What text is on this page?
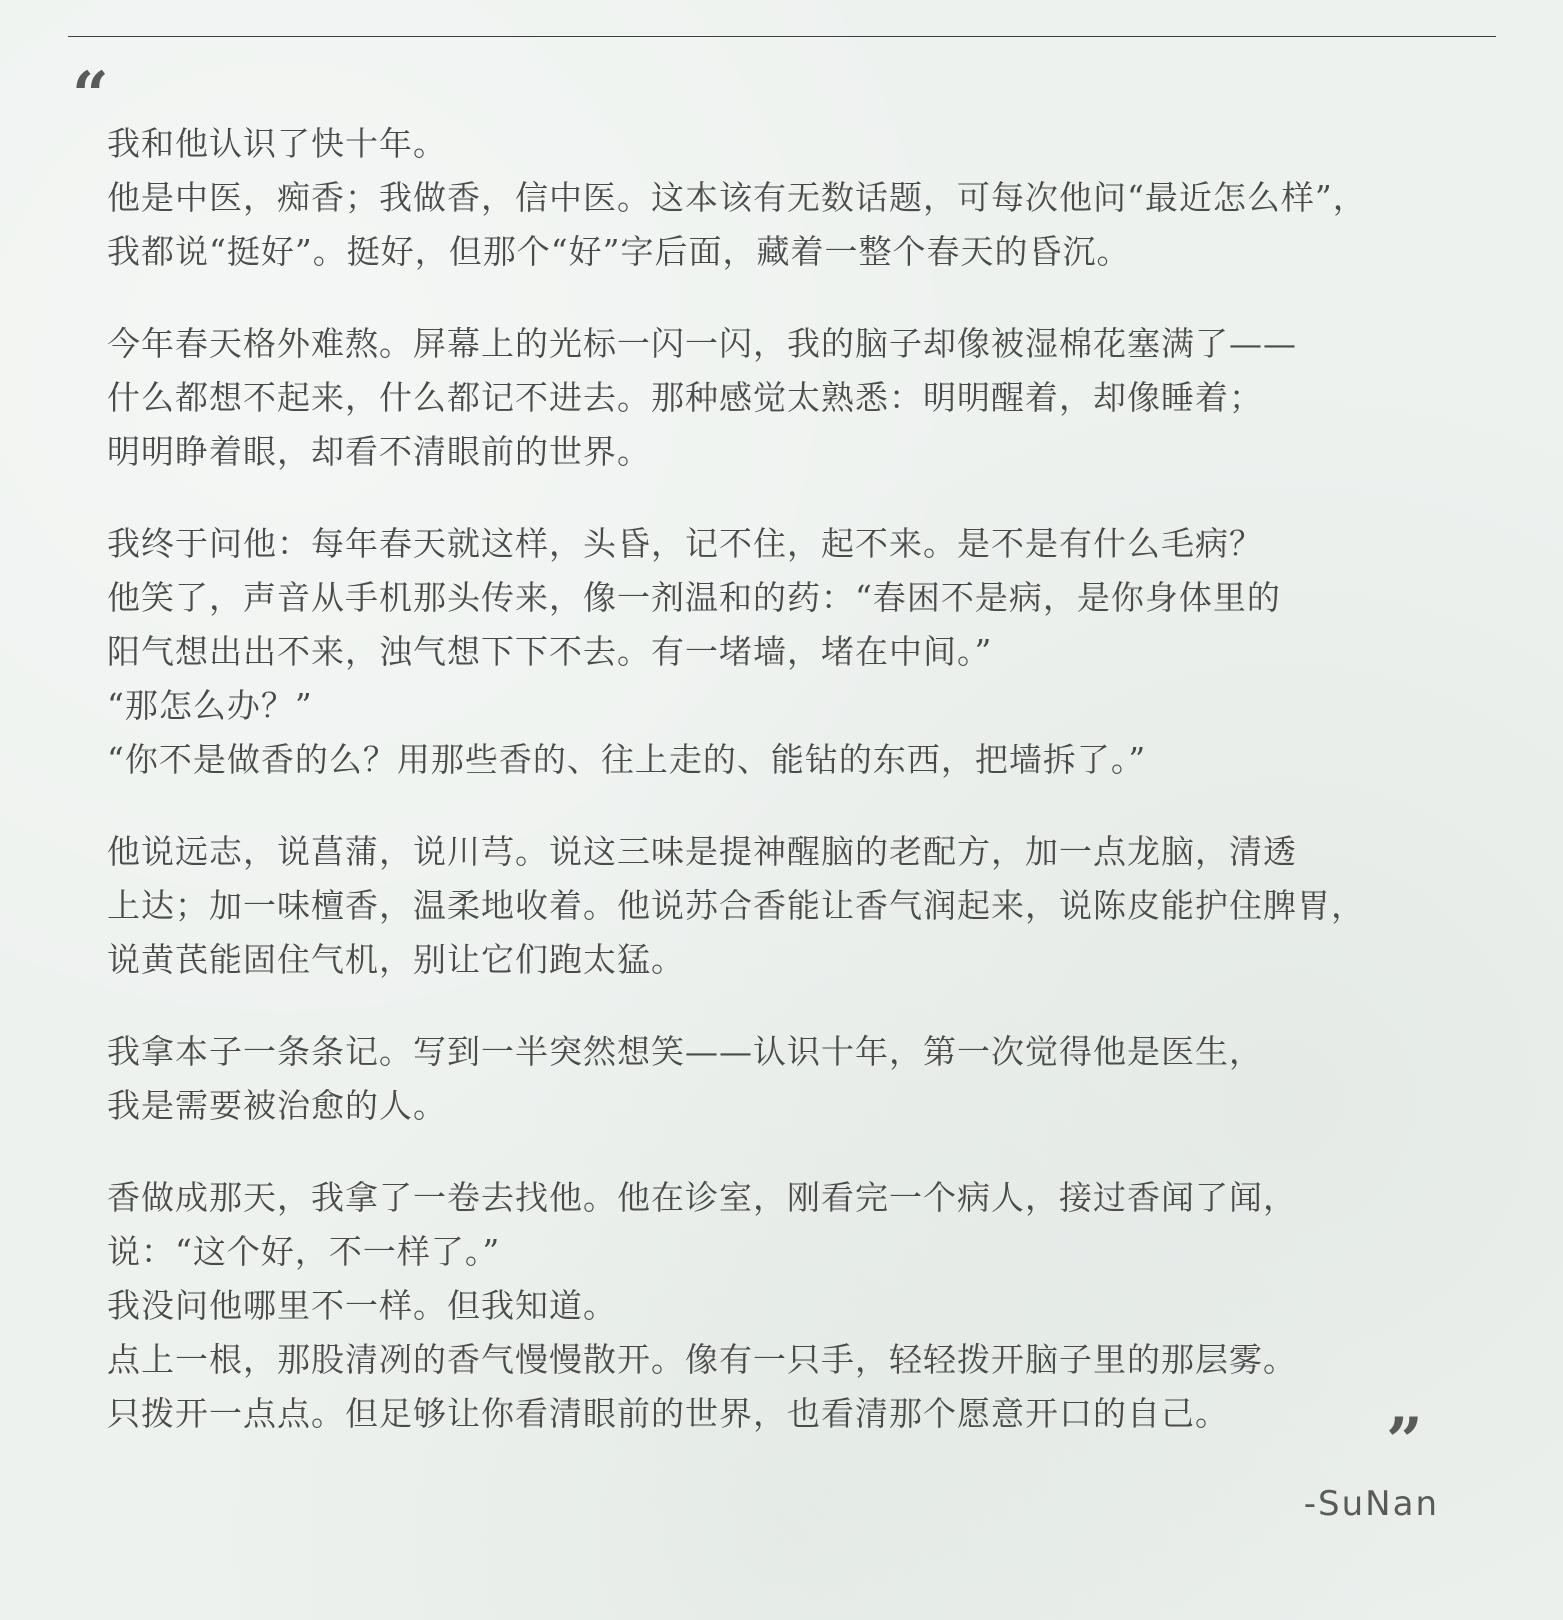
“
我和他认识了快十年。
他是中医，痴香；我做香，信中医。这本该有无数话题，可每次他问“最近怎么样”，
我都说“挺好”。挺好，但那个“好”字后面，藏着一整个春天的昏沉。
今年春天格外难熬。屏幕上的光标一闪一闪，我的脑子却像被湿棉花塞满了——
什么都想不起来，什么都记不进去。那种感觉太熟悉：明明醒着，却像睡着；
明明睁着眼，却看不清眼前的世界。
我终于问他：每年春天就这样，头昏，记不住，起不来。是不是有什么毛病？
他笑了，声音从手机那头传来，像一剂温和的药：“春困不是病，是你身体里的
阳气想出出不来，浊气想下下不去。有一堵墙，堵在中间。”
“那怎么办？”
“你不是做香的么？用那些香的、往上走的、能钻的东西，把墙拆了。”
他说远志，说菖蒲，说川芎。说这三味是提神醒脑的老配方，加一点龙脑，清透
上达；加一味檀香，温柔地收着。他说苏合香能让香气润起来，说陈皮能护住脾胃，
说黄芪能固住气机，别让它们跑太猛。
我拿本子一条条记。写到一半突然想笑——认识十年，第一次觉得他是医生，
我是需要被治愈的人。
香做成那天，我拿了一卷去找他。他在诊室，刚看完一个病人，接过香闻了闻，
说：“这个好，不一样了。”
我没问他哪里不一样。但我知道。
点上一根，那股清冽的香气慢慢散开。像有一只手，轻轻拨开脑子里的那层雾。
只拨开一点点。但足够让你看清眼前的世界，也看清那个愿意开口的自己。	”
-SuNan
